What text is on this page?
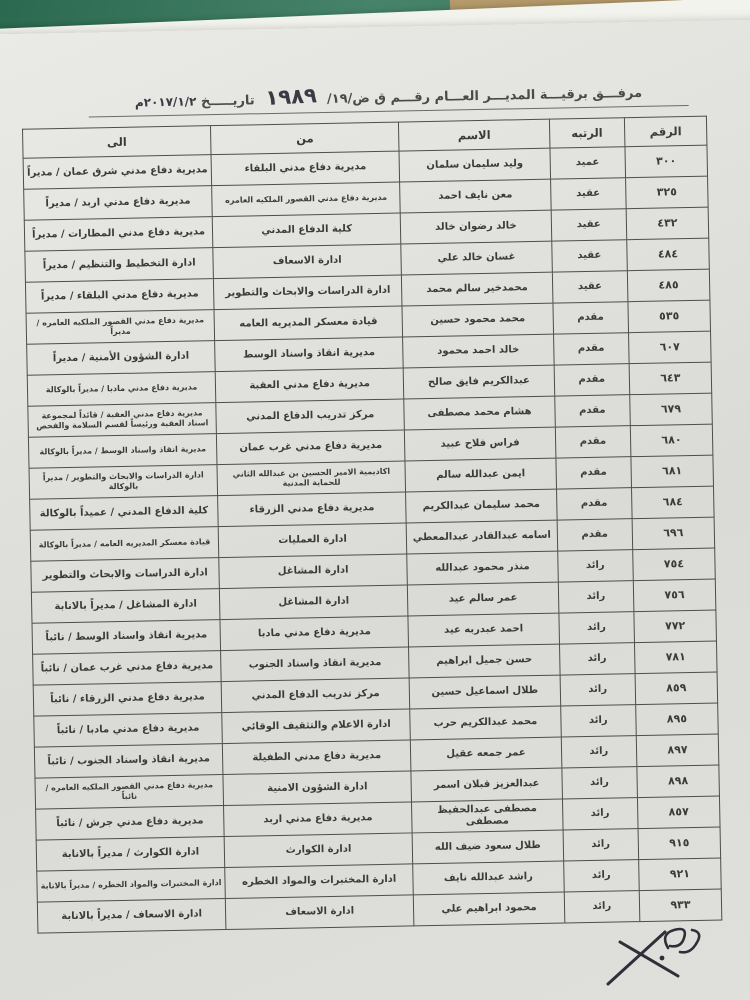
مرفـــق برقيـــة المديـــر العـــام رقـــم ق ض/١٩/ ١٩٨٩ تاريـــــخ ٢٠١٧/١/٢م
الرقم	الرتبه	الاسم	من	الى
٣٠٠	عميد	وليد سليمان سلمان	مديرية دفاع مدني البلقاء	مديرية دفاع مدني شرق عمان / مديراً
٣٢٥	عقيد	معن نايف احمد	مديرية دفاع مدني القصور الملكيه العامره	مديرية دفاع مدني اربد / مديراً
٤٣٢	عقيد	خالد رضوان خالد	كلية الدفاع المدني	مديرية دفاع مدني المطارات / مديراً
٤٨٤	عقيد	غسان خالد علي	ادارة الاسعاف	ادارة التخطيط والتنظيم / مديراً
٤٨٥	عقيد	محمدخير سالم محمد	ادارة الدراسات والابحاث والتطوير	مديرية دفاع مدني البلقاء / مديراً
٥٣٥	مقدم	محمد محمود حسين	قيادة معسكر المديريه العامه	مديرية دفاع مدني القصور الملكيه العامره / مديراً
٦٠٧	مقدم	خالد احمد محمود	مديرية انقاذ واسناد الوسط	ادارة الشؤون الأمنية / مديراً
٦٤٣	مقدم	عبدالكريم فايق صالح	مديرية دفاع مدني العقبة	مديرية دفاع مدني مادبا / مديراً بالوكالة
٦٧٩	مقدم	هشام محمد مصطفى	مركز تدريب الدفاع المدني	مديرية دفاع مدني العقبة / قائداً لمجموعة اسناد العقبة ورئيساً لقسم السلامة والفحص
٦٨٠	مقدم	فراس فلاح عبيد	مديرية دفاع مدني غرب عمان	مديرية انقاذ واسناد الوسط / مديراً بالوكالة
٦٨١	مقدم	ايمن عبدالله سالم	اكاديمية الامير الحسين بن عبدالله الثاني للحماية المدنية	ادارة الدراسات والابحاث والتطوير / مديراً بالوكالة
٦٨٤	مقدم	محمد سليمان عبدالكريم	مديرية دفاع مدني الزرقاء	كلية الدفاع المدني / عميداً بالوكالة
٦٩٦	مقدم	اسامه عبدالقادر عبدالمعطي	ادارة العمليات	قيادة معسكر المديريه العامه / مديراً بالوكالة
٧٥٤	رائد	منذر محمود عبدالله	ادارة المشاغل	ادارة الدراسات والابحاث والتطوير
٧٥٦	رائد	عمر سالم عيد	ادارة المشاغل	ادارة المشاغل / مديراً بالانابة
٧٧٢	رائد	احمد عبدربه عيد	مديرية دفاع مدني مادبا	مديرية انقاذ واسناد الوسط / نائباً
٧٨١	رائد	حسن جميل ابراهيم	مديرية انقاذ واسناد الجنوب	مديرية دفاع مدني غرب عمان / نائباً
٨٥٩	رائد	طلال اسماعيل حسين	مركز تدريب الدفاع المدني	مديرية دفاع مدني الزرقاء / نائباً
٨٩٥	رائد	محمد عبدالكريم حرب	ادارة الاعلام والتثقيف الوقائي	مديرية دفاع مدني مادبا / نائباً
٨٩٧	رائد	عمر جمعه عقيل	مديرية دفاع مدني الطفيلة	مديرية انقاذ واسناد الجنوب / نائباً
٨٩٨	رائد	عبدالعزيز قبلان اسمر	ادارة الشؤون الامنية	مديرية دفاع مدني القصور الملكيه العامره / نائباً
٨٥٧	رائد	مصطفى عبدالحفيظ مصطفى	مديرية دفاع مدني اربد	مديرية دفاع مدني جرش / نائباً
٩١٥	رائد	طلال سعود ضيف الله	ادارة الكوارث	ادارة الكوارث / مديراً بالانابة
٩٢١	رائد	راشد عبدالله نايف	ادارة المختبرات والمواد الخطره	ادارة المختبرات والمواد الخطره / مديراً بالانابة
٩٣٣	رائد	محمود ابراهيم علي	ادارة الاسعاف	ادارة الاسعاف / مديراً بالانابة
